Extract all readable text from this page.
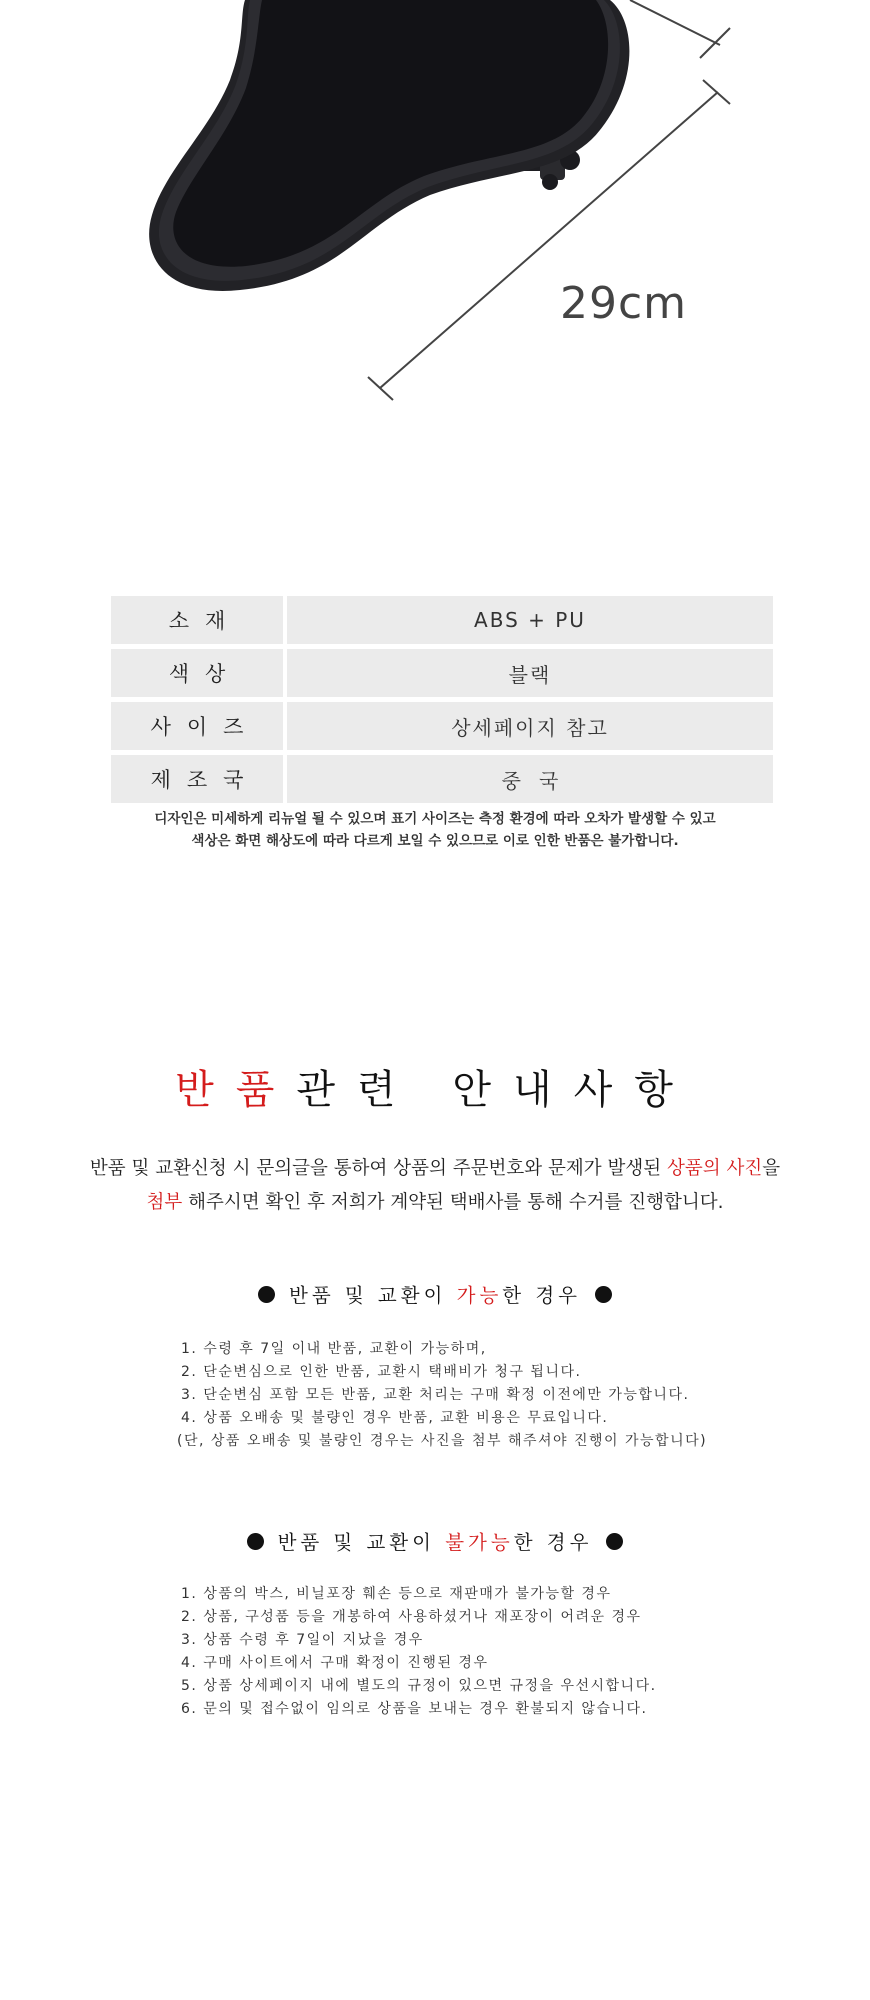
29cm
소재	ABS + PU
색상	블랙
사이즈	상세페이지 참고
제조국	중국
디자인은 미세하게 리뉴얼 될 수 있으며 표기 사이즈는 측정 환경에 따라 오차가 발생할 수 있고
색상은 화면 해상도에 따라 다르게 보일 수 있으므로 이로 인한 반품은 불가합니다.
반품관련 안내사항
반품 및 교환신청 시 문의글을 통하여 상품의 주문번호와 문제가 발생된 상품의 사진을
첨부 해주시면 확인 후 저희가 계약된 택배사를 통해 수거를 진행합니다.
반품 및 교환이 가능한 경우
1. 수령 후 7일 이내 반품, 교환이 가능하며,
2. 단순변심으로 인한 반품, 교환시 택배비가 청구 됩니다.
3. 단순변심 포함 모든 반품, 교환 처리는 구매 확정 이전에만 가능합니다.
4. 상품 오배송 및 불량인 경우 반품, 교환 비용은 무료입니다.
(단, 상품 오배송 및 불량인 경우는 사진을 첨부 해주셔야 진행이 가능합니다)
반품 및 교환이 불가능한 경우
1. 상품의 박스, 비닐포장 훼손 등으로 재판매가 불가능할 경우
2. 상품, 구성품 등을 개봉하여 사용하셨거나 재포장이 어려운 경우
3. 상품 수령 후 7일이 지났을 경우
4. 구매 사이트에서 구매 확정이 진행된 경우
5. 상품 상세페이지 내에 별도의 규정이 있으면 규정을 우선시합니다.
6. 문의 및 접수없이 임의로 상품을 보내는 경우 환불되지 않습니다.
